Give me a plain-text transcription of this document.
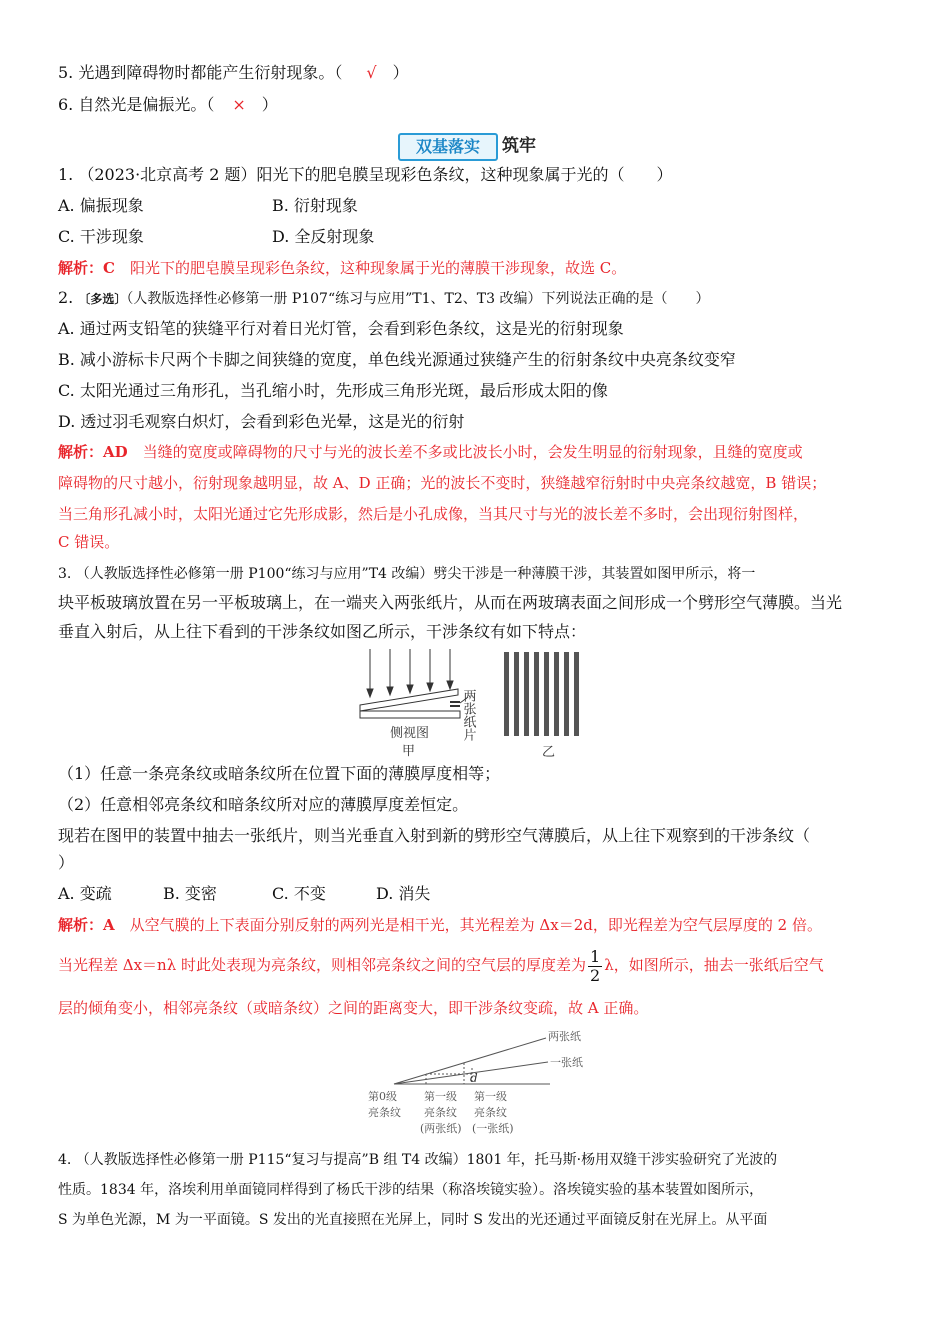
5. 光遇到障碍物时都能产生衍射现象。（ √ ）
6. 自然光是偏振光。（ × ）
双基落实	筑牢
1. （2023·北京高考 2 题）阳光下的肥皂膜呈现彩色条纹，这种现象属于光的（　　）
A. 偏振现象	B. 衍射现象
C. 干涉现象	D. 全反射现象
解析：C　 阳光下的肥皂膜呈现彩色条纹，这种现象属于光的薄膜干涉现象，故选 C。
2. 〔多选〕（人教版选择性必修第一册 P107“练习与应用”T1、T2、T3 改编）下列说法正确的是（　　）
A. 通过两支铅笔的狭缝平行对着日光灯管，会看到彩色条纹，这是光的衍射现象
B. 减小游标卡尺两个卡脚之间狭缝的宽度，单色线光源通过狭缝产生的衍射条纹中央亮条纹变窄
C. 太阳光通过三角形孔，当孔缩小时，先形成三角形光斑，最后形成太阳的像
D. 透过羽毛观察白炽灯，会看到彩色光晕，这是光的衍射
解析：AD　 当缝的宽度或障碍物的尺寸与光的波长差不多或比波长小时，会发生明显的衍射现象，且缝的宽度或
障碍物的尺寸越小，衍射现象越明显，故 A、D 正确；光的波长不变时，狭缝越窄衍射时中央亮条纹越宽，B 错误；
当三角形孔减小时，太阳光通过它先形成影，然后是小孔成像，当其尺寸与光的波长差不多时，会出现衍射图样，
C 错误。
3. （人教版选择性必修第一册 P100“练习与应用”T4 改编）劈尖干涉是一种薄膜干涉，其装置如图甲所示，将一
块平板玻璃放置在另一平板玻璃上，在一端夹入两张纸片，从而在两玻璃表面之间形成一个劈形空气薄膜。当光
垂直入射后，从上往下看到的干涉条纹如图乙所示，干涉条纹有如下特点：
侧视图
甲
两张纸片
乙
（1）任意一条亮条纹或暗条纹所在位置下面的薄膜厚度相等；
（2）任意相邻亮条纹和暗条纹所对应的薄膜厚度差恒定。
现若在图甲的装置中抽去一张纸片，则当光垂直入射到新的劈形空气薄膜后，从上往下观察到的干涉条纹（
）
A. 变疏	B. 变密	C. 不变	D. 消失
解析：A　 从空气膜的上下表面分别反射的两列光是相干光，其光程差为 Δx＝2d，即光程差为空气层厚度的 2 倍。
当光程差 Δx＝nλ 时此处表现为亮条纹，则相邻亮条纹之间的空气层的厚度差为 $\frac{1}{2}$ λ，如图所示，抽去一张纸后空气
层的倾角变小，相邻亮条纹（或暗条纹）之间的距离变大，即干涉条纹变疏，故 A 正确。
两张纸
一张纸
d
第0级
亮条纹
第一级
亮条纹
(两张纸)
第一级
亮条纹
(一张纸)
4. （人教版选择性必修第一册 P115“复习与提高”B 组 T4 改编）1801 年，托马斯·杨用双缝干涉实验研究了光波的
性质。1834 年，洛埃利用单面镜同样得到了杨氏干涉的结果（称洛埃镜实验）。洛埃镜实验的基本装置如图所示，
S 为单色光源，M 为一平面镜。S 发出的光直接照在光屏上，同时 S 发出的光还通过平面镜反射在光屏上。从平面
